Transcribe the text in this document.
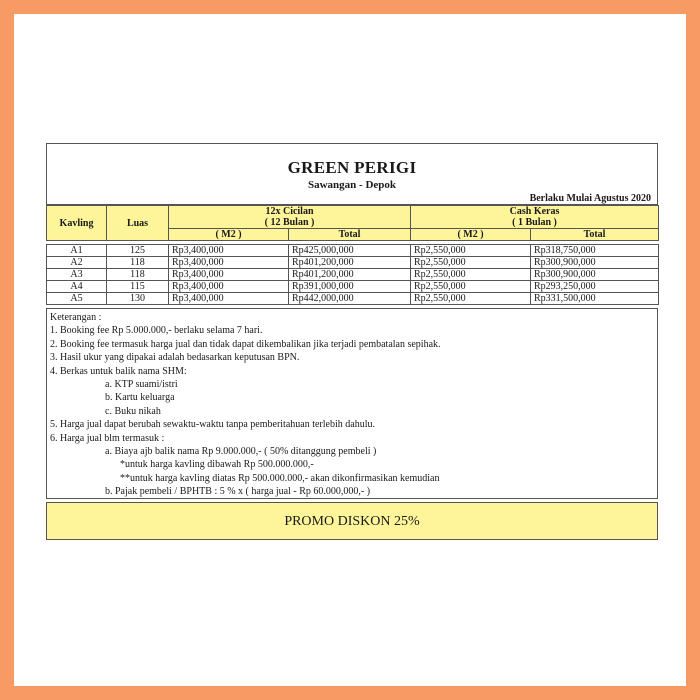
GREEN PERIGI
Sawangan - Depok
Berlaku Mulai Agustus 2020
Kavling	Luas	12x Cicilan		Cash Keras	
		( 12 Bulan )		( 1 Bulan )	
		( M2 )	Total	( M2 )	Total
A1	125	Rp3,400,000	Rp425,000,000	Rp2,550,000	Rp318,750,000
A2	118	Rp3,400,000	Rp401,200,000	Rp2,550,000	Rp300,900,000
A3	118	Rp3,400,000	Rp401,200,000	Rp2,550,000	Rp300,900,000
A4	115	Rp3,400,000	Rp391,000,000	Rp2,550,000	Rp293,250,000
A5	130	Rp3,400,000	Rp442,000,000	Rp2,550,000	Rp331,500,000
Keterangan :
1. Booking fee Rp 5.000.000,- berlaku selama 7 hari.
2. Booking fee termasuk harga jual dan tidak dapat dikembalikan jika terjadi pembatalan sepihak.
3. Hasil ukur yang dipakai adalah bedasarkan keputusan BPN.
4. Berkas untuk balik nama SHM:
a. KTP suami/istri
b. Kartu keluarga
c. Buku nikah
5. Harga jual dapat berubah sewaktu-waktu tanpa pemberitahuan terlebih dahulu.
6. Harga jual blm termasuk :
a. Biaya ajb balik nama Rp 9.000.000,- ( 50% ditanggung pembeli )
*untuk harga kavling dibawah Rp 500.000.000,-
**untuk harga kavling diatas Rp 500.000.000,- akan dikonfirmasikan kemudian
b. Pajak pembeli / BPHTB : 5 % x ( harga jual - Rp 60.000,000,- )
PROMO DISKON 25%
